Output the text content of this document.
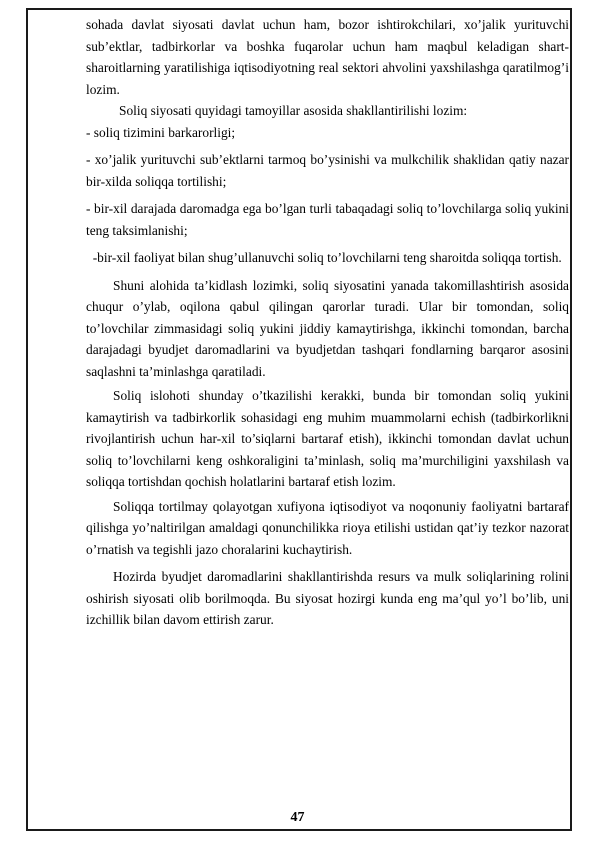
sohada davlat siyosati davlat uchun ham, bozor ishtirokchilari, xo’jalik yurituvchi sub’ektlar, tadbirkorlar va boshka fuqarolar uchun ham maqbul keladigan shart-sharoitlarning yaratilishiga iqtisodiyotning real sektori ahvolini yaxshilashga qaratilmog’i lozim.

Soliq siyosati quyidagi tamoyillar asosida shakllantirilishi lozim:

- soliq tizimini barkarorligi;

- xo’jalik yurituvchi sub’ektlarni tarmoq bo’ysinishi va mulkchilik shaklidan qatiy nazar bir-xilda soliqqa tortilishi;

- bir-xil darajada daromadga ega bo’lgan turli tabaqadagi soliq to’lovchilarga soliq yukini teng taksimlanishi;

-bir-xil faoliyat bilan shug’ullanuvchi soliq to’lovchilarni teng sharoitda soliqqa tortish.

Shuni alohida ta’kidlash lozimki, soliq siyosatini yanada takomillashtirish asosida chuqur o’ylab, oqilona qabul qilingan qarorlar turadi. Ular bir tomondan, soliq to’lovchilar zimmasidagi soliq yukini jiddiy kamaytirishga, ikkinchi tomondan, barcha darajadagi byudjet daromadlarini va byudjetdan tashqari fondlarning barqaror asosini saqlashni ta’minlashga qaratiladi.

Soliq islohoti shunday o’tkazilishi kerakki, bunda bir tomondan soliq yukini kamaytirish va tadbirkorlik sohasidagi eng muhim muammolarni echish (tadbirkorlikni rivojlantirish uchun har-xil to’siqlarni bartaraf etish), ikkinchi tomondan davlat uchun soliq to’lovchilarni keng oshkoraligini ta’minlash, soliq ma’murchiligini yaxshilash va soliqqa tortishdan qochish holatlarini bartaraf etish lozim.

Soliqqa tortilmay qolayotgan xufiyona iqtisodiyot va noqonuniy faoliyatni bartaraf qilishga yo’naltirilgan amaldagi qonunchilikka rioya etilishi ustidan qat’iy tezkor nazorat o’rnatish va tegishli jazo choralarini kuchaytirish.

Hozirda byudjet daromadlarini shakllantirishda resurs va mulk soliqlarining rolini oshirish siyosati olib borilmoqda. Bu siyosat hozirgi kunda eng ma’qul yo’l bo’lib, uni izchillik bilan davom ettirish zarur.

47
